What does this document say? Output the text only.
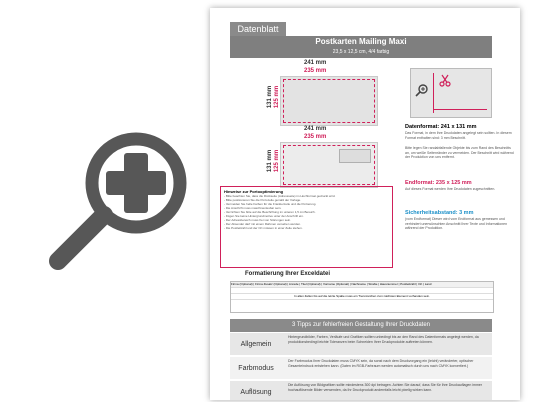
Datenblatt
Postkarten Mailing Maxi
23,5 x 12,5 cm, 4/4 farbig
241 mm
235 mm
131 mm 125 mm
241 mm
235 mm
131 mm 125 mm
Datenformat: 241 x 131 mm
Das Format, in dem Ihre Druckdaten angelegt sein sollten. In diesem Format enthalten sind: 3 mm Beschnitt.
Bitte legen Sie randabfallende Objekte bis zum Rand des Beschnitts an, um weiße Seitenränder zu vermeiden. Der Beschnitt wird während der Produktion von uns entfernt.
Endformat: 235 x 125 mm
Auf dieses Format werden Ihre Druckdaten zugeschnitten.
Sicherheitsabstand: 3 mm
(vom Endformat) Dieser wird vom Endformat aus gemessen und verhindert unerwünschten Anschnitt Ihrer Texte und Informationen während der Produktion.
Hinweise zur Portooptimierung
- Bitte beachten Sie, dass die Rückseite (Adressseite) im Hochformat gedruckt wird.
- Bitte positionieren Sie die Portozeile gemäß der Vorlage.
- Vermeiden Sie helle Farben für die Frankierzeile und die Portierung.
- Die Anschrift muss maschinenlesbar sein.
- Verzichten Sie bitte auf die Beschriftung im unteren 1,5 cm Bereich.
- Fügen Sie keine Hintergrundmotive unter der Anschrift ein.
- Der Adressbereich muss frei von Störungen sein.
- Der Absender darf mit einem Rahmen versehen werden.
- Die Postleitzahl und der Ort müssen in einer Zeile stehen.
Formatierung Ihrer Exceldatei
Firma (Optional) | Firma Zusatz (Optional) | Anrede | Titel (Optional) | Vorname (Optional) | Nachname | Straße | Hausnummer | Postleitzahl | Ort | Land
In allen Zellen bis auf die letzte Spalte muss ein Trennzeichen zum nächsten Element vorhanden sein.
3 Tipps zur fehlerfreien Gestaltung Ihrer Druckdaten
Allgemein
Hintergrundbilder, Farben, Verläufe und Grafiken sollten unbedingt bis an den Rand des Datenformats angelegt werden, da produktionsbedingt leichte Toleranzen beim Schneiden Ihrer Druckprodukte auftreten können.
Farbmodus
Der Farbmodus Ihrer Druckdaten muss CMYK sein, da sonst nach dem Druckvorgang ein (leicht) veränderter, optischer Gesamteindruck entstehen kann. (Daten im RGB-Farbraum werden automatisch durch uns nach CMYK konvertiert.)
Auflösung
Die Auflösung von Bildgrafiken sollte mindestens 300 dpi betragen. Achten Sie darauf, dass Sie für Ihre Druckauflagen immer hochauflösende Bilder verwenden, da Ihr Druckprodukt andernfalls leicht pixelig wirken kann.
